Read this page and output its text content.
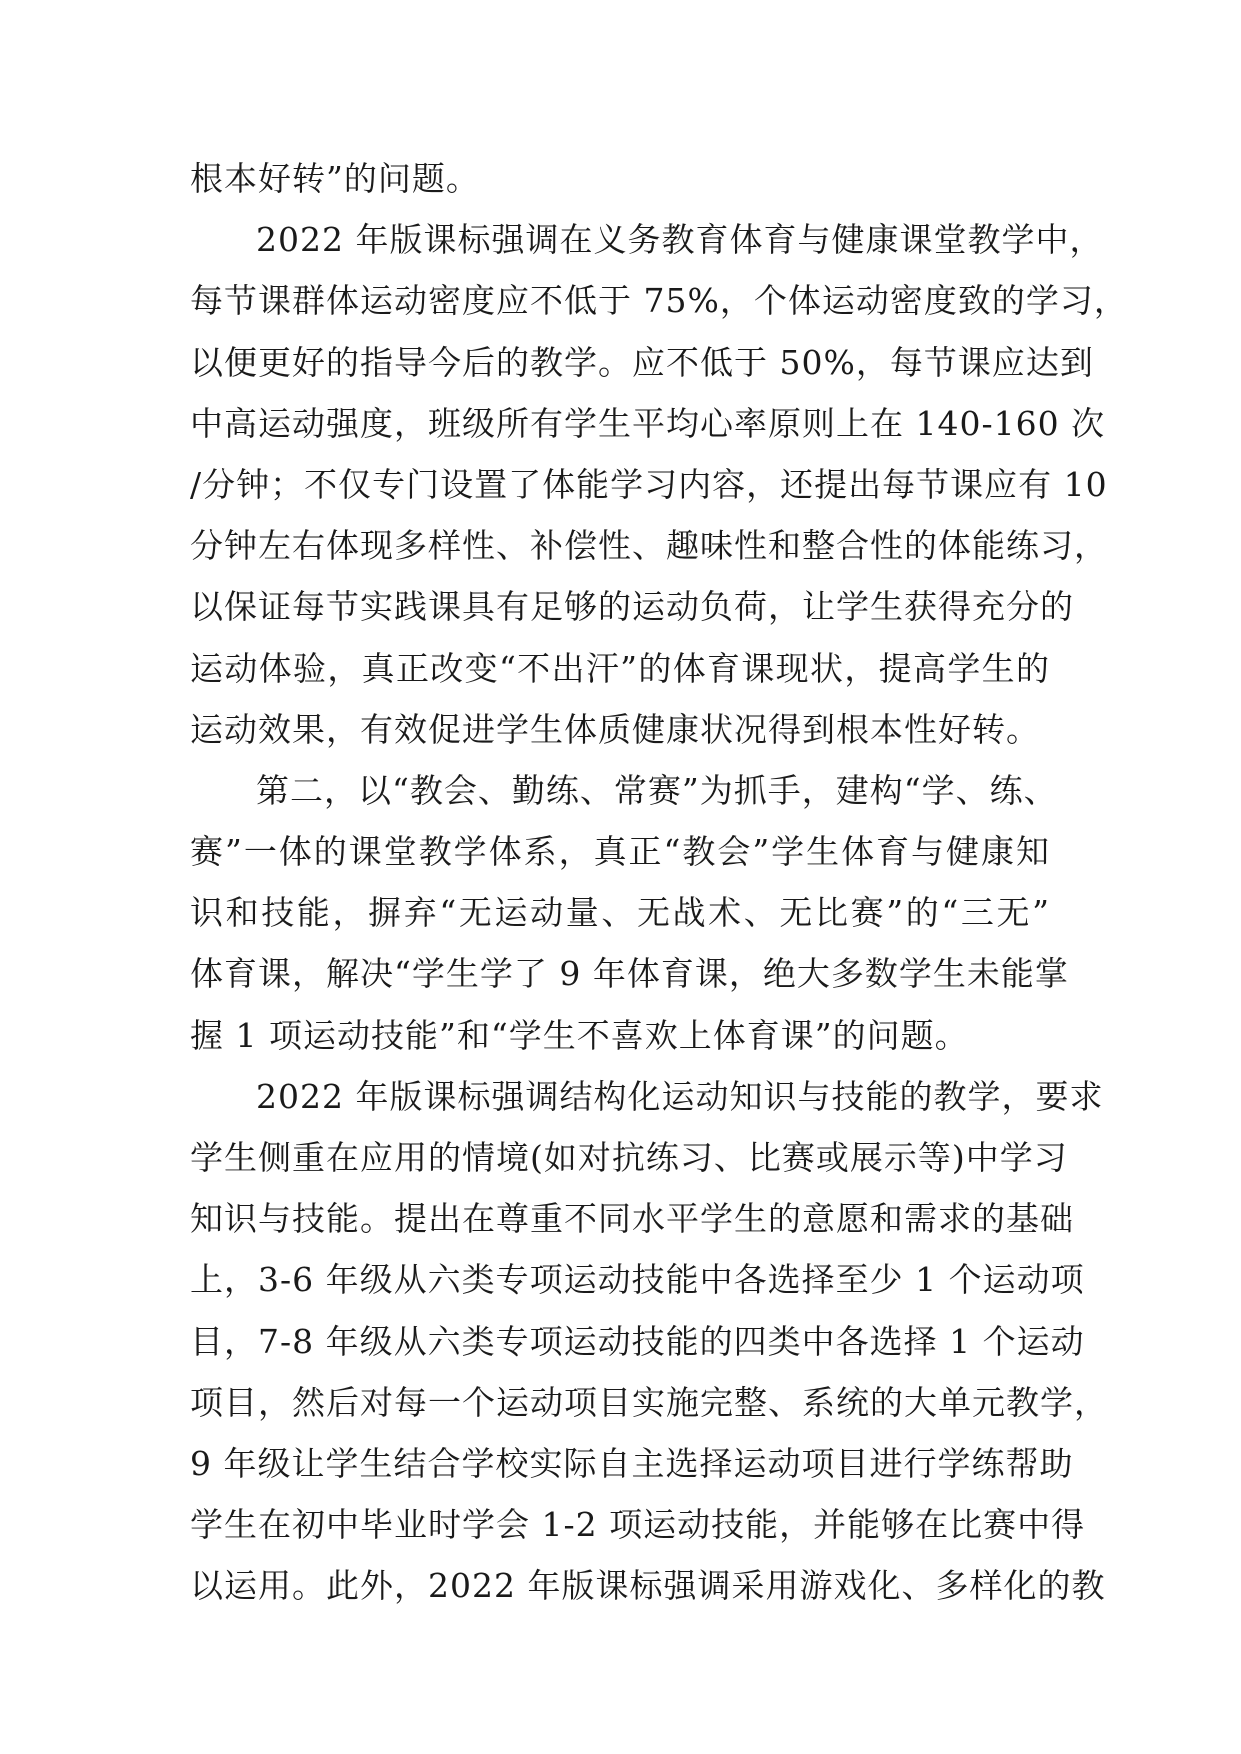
根本好转”的问题。
2022 年版课标强调在义务教育体育与健康课堂教学中，
每节课群体运动密度应不低于 75%，个体运动密度致的学习，
以便更好的指导今后的教学。应不低于 50%，每节课应达到
中高运动强度，班级所有学生平均心率原则上在 140-160 次
/分钟；不仅专门设置了体能学习内容，还提出每节课应有 10
分钟左右体现多样性、补偿性、趣味性和整合性的体能练习，
以保证每节实践课具有足够的运动负荷，让学生获得充分的
运动体验，真正改变“不出汗”的体育课现状，提高学生的
运动效果，有效促进学生体质健康状况得到根本性好转。
第二，以“教会、勤练、常赛”为抓手，建构“学、练、
赛”一体的课堂教学体系，真正“教会”学生体育与健康知
识和技能，摒弃“无运动量、无战术、无比赛”的“三无”
体育课，解决“学生学了 9 年体育课，绝大多数学生未能掌
握 1 项运动技能”和“学生不喜欢上体育课”的问题。
2022 年版课标强调结构化运动知识与技能的教学，要求
学生侧重在应用的情境(如对抗练习、比赛或展示等)中学习
知识与技能。提出在尊重不同水平学生的意愿和需求的基础
上，3-6 年级从六类专项运动技能中各选择至少 1 个运动项
目，7-8 年级从六类专项运动技能的四类中各选择 1 个运动
项目，然后对每一个运动项目实施完整、系统的大单元教学，
9 年级让学生结合学校实际自主选择运动项目进行学练帮助
学生在初中毕业时学会 1-2 项运动技能，并能够在比赛中得
以运用。此外，2022 年版课标强调采用游戏化、多样化的教
